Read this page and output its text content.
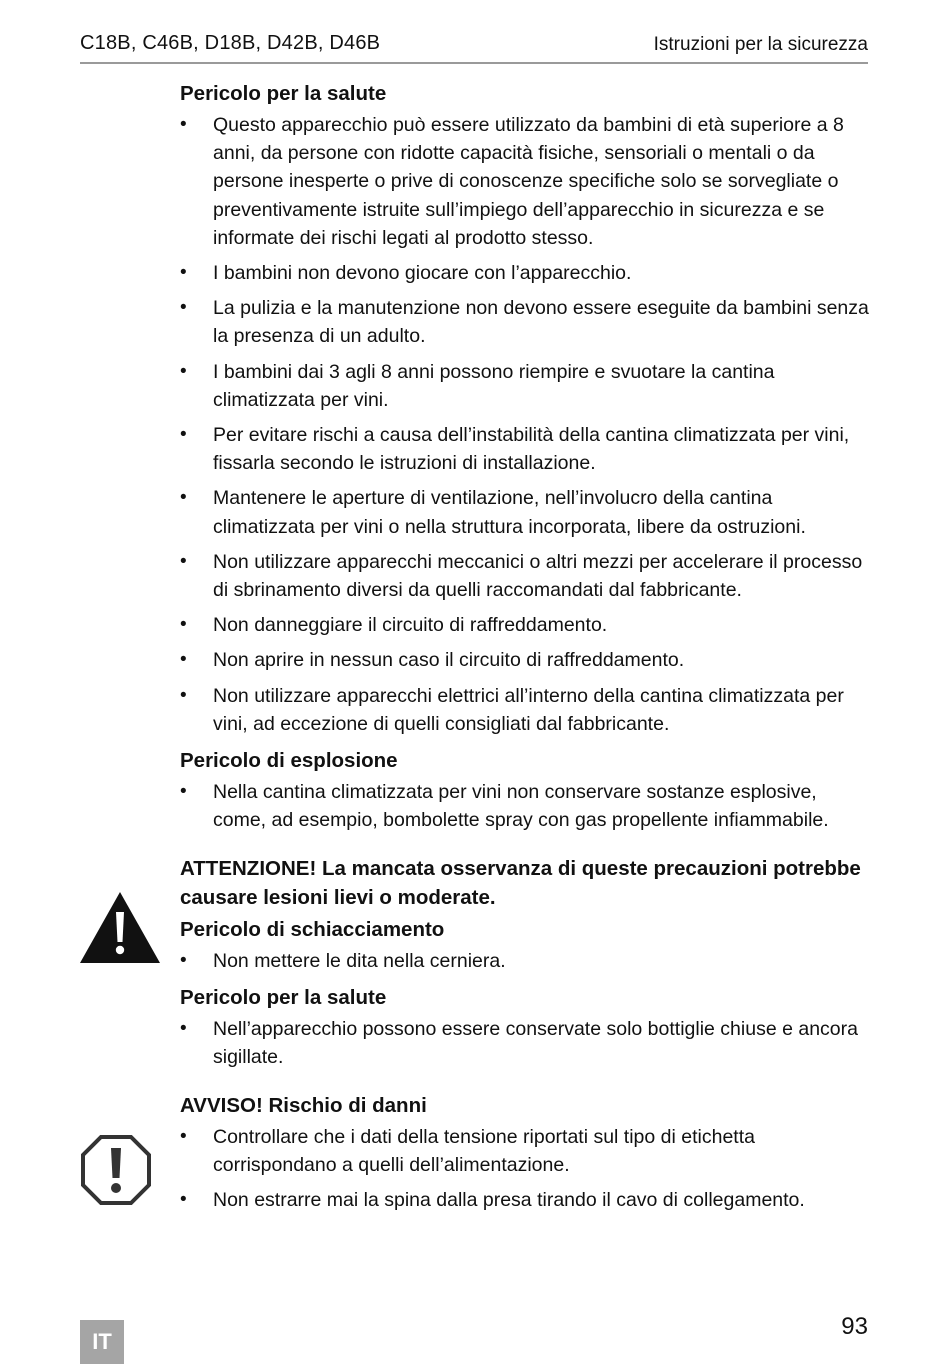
C18B, C46B, D18B, D42B, D46B	Istruzioni per la sicurezza
Pericolo per la salute
• Questo apparecchio può essere utilizzato da bambini di età superiore a 8 anni, da persone con ridotte capacità fisiche, sensoriali o mentali o da persone inesperte o prive di conoscenze specifiche solo se sorvegliate o preventivamente istruite sull’impiego dell’apparecchio in sicurezza e se informate dei rischi legati al prodotto stesso.
• I bambini non devono giocare con l’apparecchio.
• La pulizia e la manutenzione non devono essere eseguite da bambini senza la presenza di un adulto.
• I bambini dai 3 agli 8 anni possono riempire e svuotare la cantina climatizzata per vini.
• Per evitare rischi a causa dell’instabilità della cantina climatizzata per vini, fissarla secondo le istruzioni di installazione.
• Mantenere le aperture di ventilazione, nell’involucro della cantina climatizzata per vini o nella struttura incorporata, libere da ostruzioni.
• Non utilizzare apparecchi meccanici o altri mezzi per accelerare il processo di sbrinamento diversi da quelli raccomandati dal fabbricante.
• Non danneggiare il circuito di raffreddamento.
• Non aprire in nessun caso il circuito di raffreddamento.
• Non utilizzare apparecchi elettrici all’interno della cantina climatizzata per vini, ad eccezione di quelli consigliati dal fabbricante.
Pericolo di esplosione
• Nella cantina climatizzata per vini non conservare sostanze esplosive, come, ad esempio, bombolette spray con gas propellente infiammabile.
ATTENZIONE! La mancata osservanza di queste precauzioni potrebbe causare lesioni lievi o moderate.
Pericolo di schiacciamento
• Non mettere le dita nella cerniera.
Pericolo per la salute
• Nell’apparecchio possono essere conservate solo bottiglie chiuse e ancora sigillate.
AVVISO! Rischio di danni
• Controllare che i dati della tensione riportati sul tipo di etichetta corrispondano a quelli dell’alimentazione.
• Non estrarre mai la spina dalla presa tirando il cavo di collegamento.
IT
93
